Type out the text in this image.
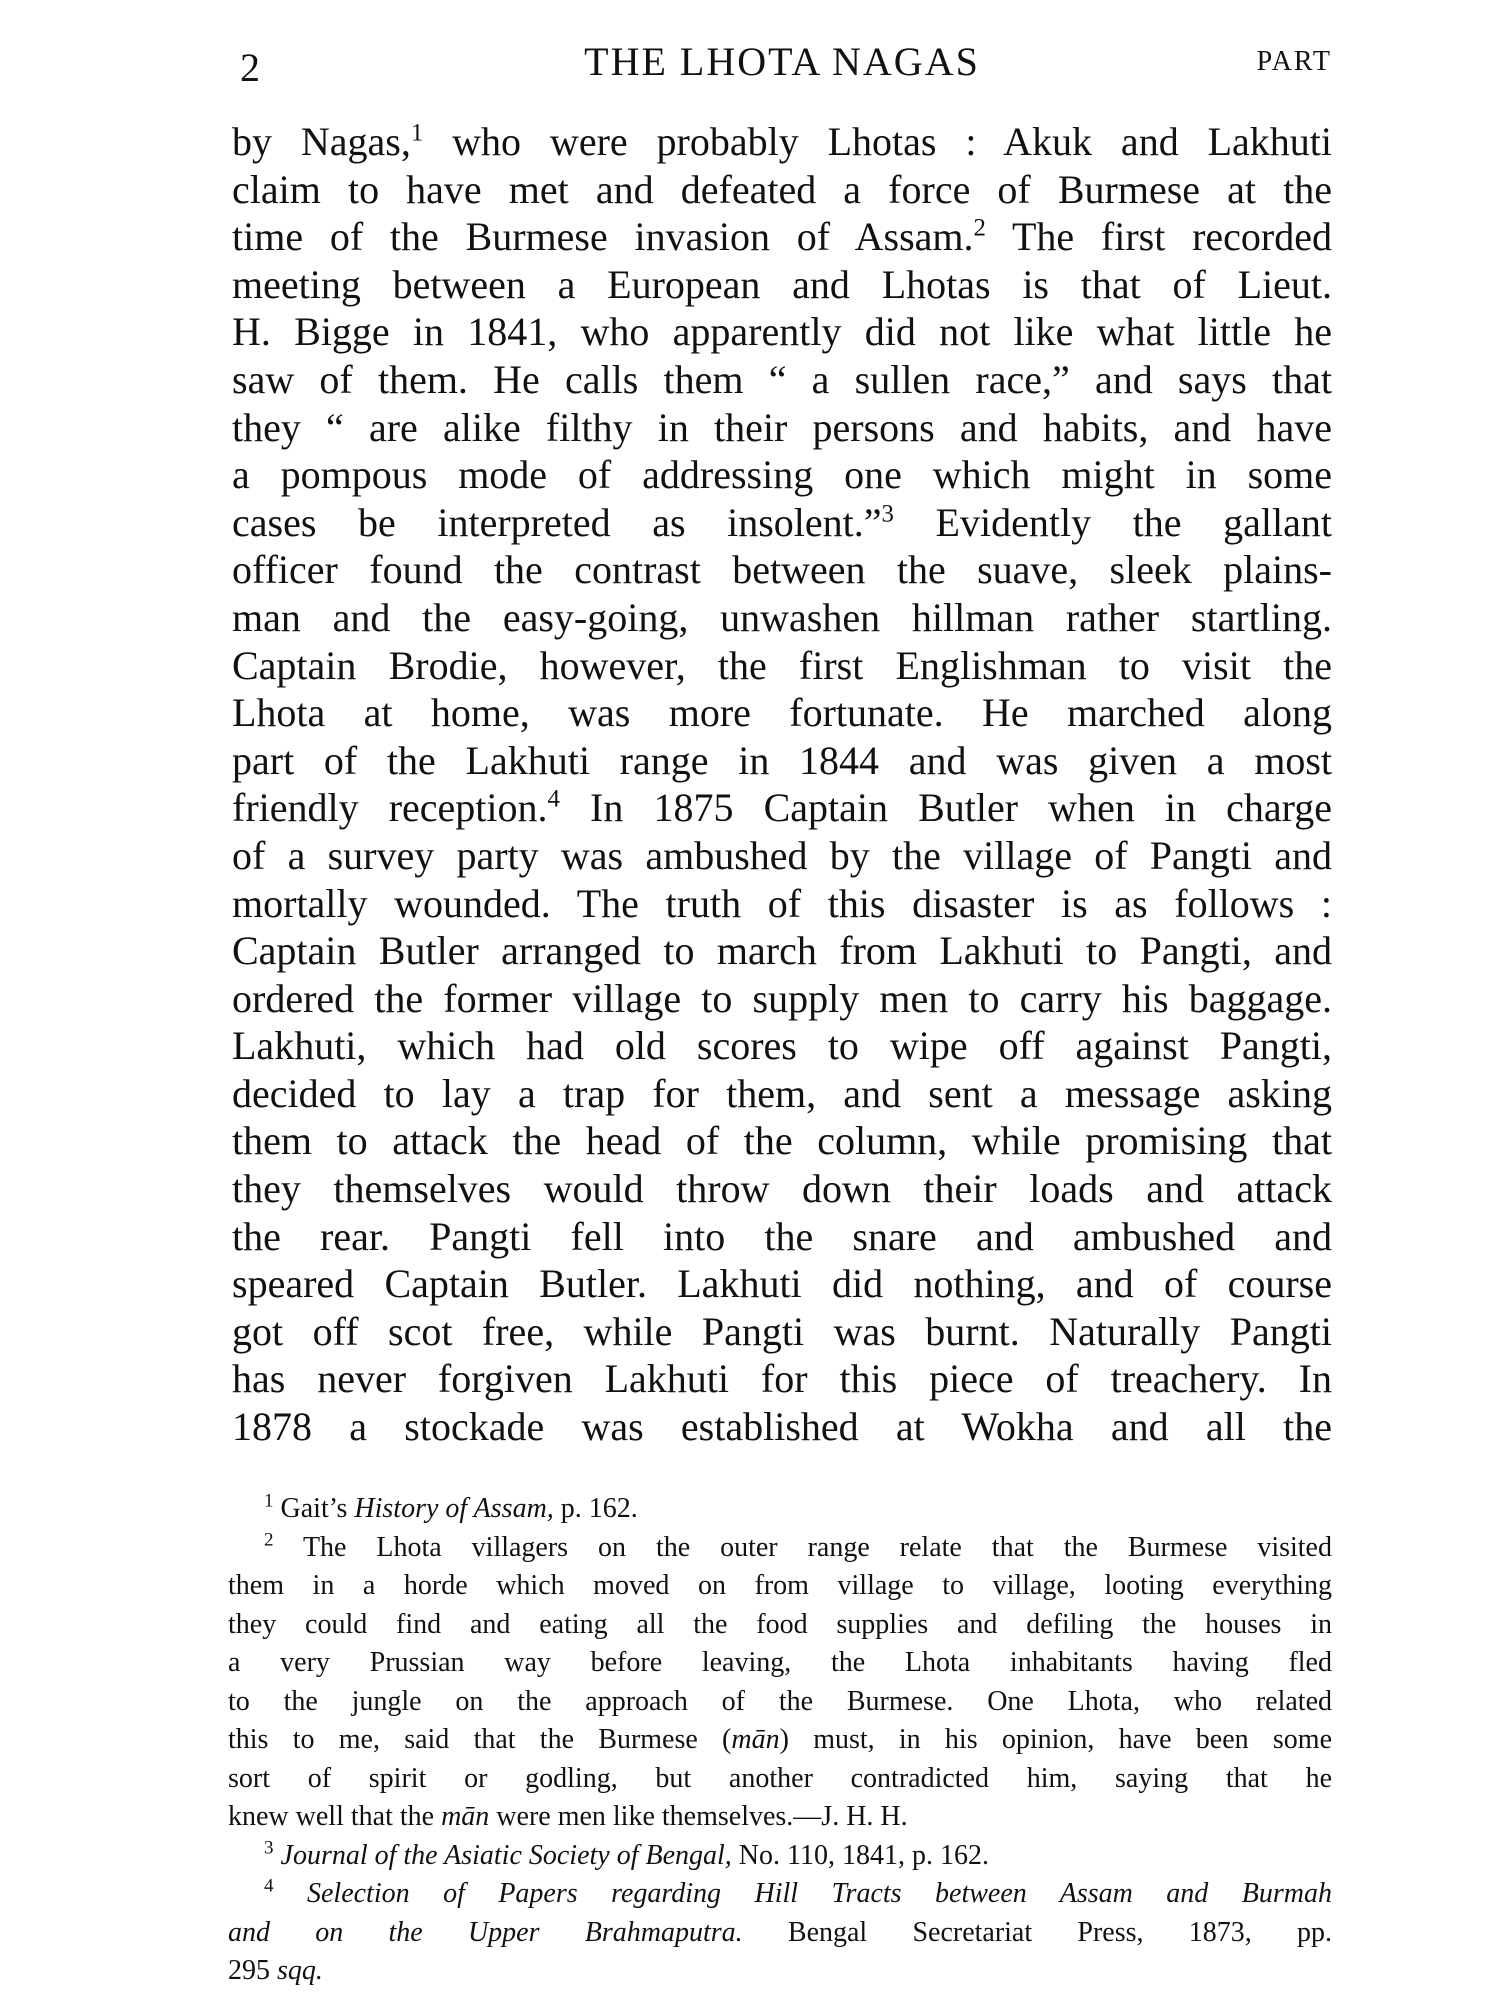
2	THE LHOTA NAGAS	PART
by Nagas,$^1$ who were probably Lhotas : Akuk and Lakhuti
claim to have met and defeated a force of Burmese at the
time of the Burmese invasion of Assam.$^2$ The first recorded
meeting between a European and Lhotas is that of Lieut.
H. Bigge in 1841, who apparently did not like what little he
saw of them. He calls them “ a sullen race,” and says that
they “ are alike filthy in their persons and habits, and have
a pompous mode of addressing one which might in some
cases be interpreted as insolent.”$^3$ Evidently the gallant
officer found the contrast between the suave, sleek plains-
man and the easy-going, unwashen hillman rather startling.
Captain Brodie, however, the first Englishman to visit the
Lhota at home, was more fortunate. He marched along
part of the Lakhuti range in 1844 and was given a most
friendly reception.$^4$ In 1875 Captain Butler when in charge
of a survey party was ambushed by the village of Pangti and
mortally wounded. The truth of this disaster is as follows :
Captain Butler arranged to march from Lakhuti to Pangti, and
ordered the former village to supply men to carry his baggage.
Lakhuti, which had old scores to wipe off against Pangti,
decided to lay a trap for them, and sent a message asking
them to attack the head of the column, while promising that
they themselves would throw down their loads and attack
the rear. Pangti fell into the snare and ambushed and
speared Captain Butler. Lakhuti did nothing, and of course
got off scot free, while Pangti was burnt. Naturally Pangti
has never forgiven Lakhuti for this piece of treachery. In
1878 a stockade was established at Wokha and all the
$^1$ Gait’s History of Assam, p. 162.
$^2$ The Lhota villagers on the outer range relate that the Burmese visited
them in a horde which moved on from village to village, looting everything
they could find and eating all the food supplies and defiling the houses in
a very Prussian way before leaving, the Lhota inhabitants having fled
to the jungle on the approach of the Burmese. One Lhota, who related
this to me, said that the Burmese (mān) must, in his opinion, have been some
sort of spirit or godling, but another contradicted him, saying that he
knew well that the mān were men like themselves.—J. H. H.
$^3$ Journal of the Asiatic Society of Bengal, No. 110, 1841, p. 162.
$^4$ Selection of Papers regarding Hill Tracts between Assam and Burmah
and on the Upper Brahmaputra. Bengal Secretariat Press, 1873, pp.
295 sqq.
